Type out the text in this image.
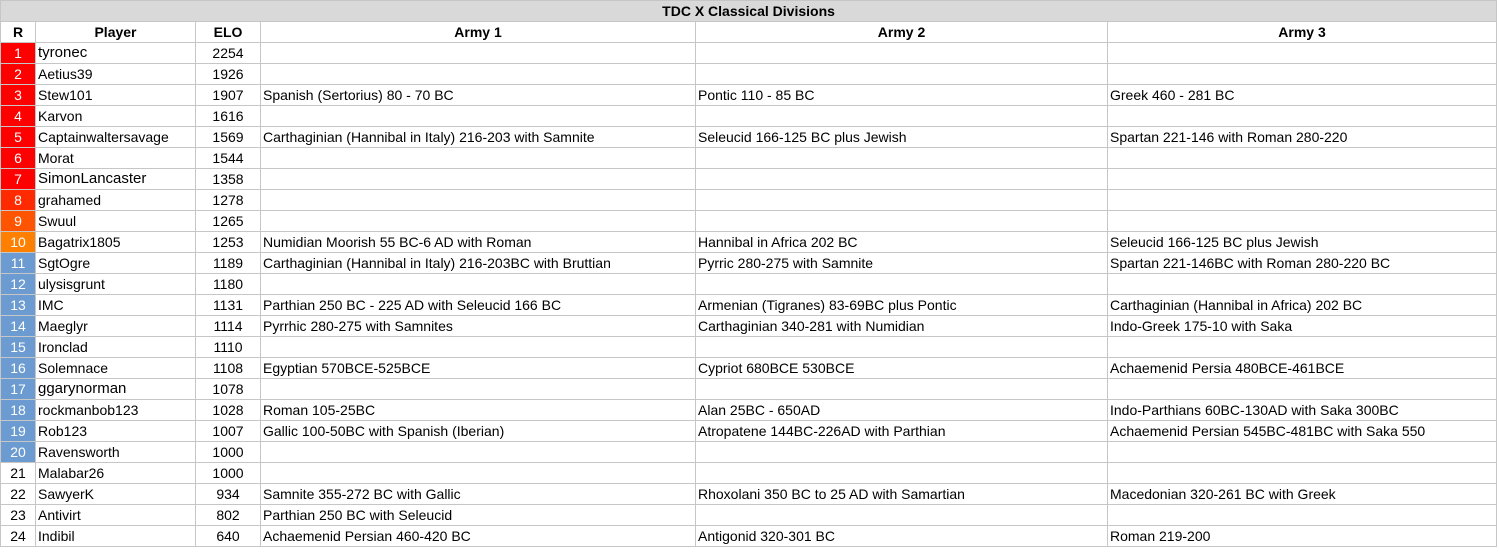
TDC X Classical Divisions					
R	Player	ELO	Army 1	Army 2	Army 3
1	tyronec	2254			
2	Aetius39	1926			
3	Stew101	1907	Spanish (Sertorius) 80 - 70 BC	Pontic 110 - 85 BC	Greek 460 - 281 BC
4	Karvon	1616			
5	Captainwaltersavage	1569	Carthaginian (Hannibal in Italy) 216-203 with Samnite	Seleucid 166-125 BC plus Jewish	Spartan 221-146 with Roman 280-220
6	Morat	1544			
7	SimonLancaster	1358			
8	grahamed	1278			
9	Swuul	1265			
10	Bagatrix1805	1253	Numidian Moorish 55 BC-6 AD with Roman	Hannibal in Africa 202 BC	Seleucid 166-125 BC plus Jewish
11	SgtOgre	1189	Carthaginian (Hannibal in Italy) 216-203BC with Bruttian	Pyrric 280-275 with Samnite	Spartan 221-146BC with Roman 280-220 BC
12	ulysisgrunt	1180			
13	IMC	1131	Parthian 250 BC - 225 AD with Seleucid 166 BC	Armenian (Tigranes) 83-69BC plus Pontic	Carthaginian (Hannibal in Africa) 202 BC
14	Maeglyr	1114	Pyrrhic 280-275 with Samnites	Carthaginian 340-281 with Numidian	Indo-Greek 175-10 with Saka
15	Ironclad	1110			
16	Solemnace	1108	Egyptian 570BCE-525BCE	Cypriot 680BCE 530BCE	Achaemenid Persia 480BCE-461BCE
17	ggarynorman	1078			
18	rockmanbob123	1028	Roman 105-25BC	Alan 25BC - 650AD	Indo-Parthians 60BC-130AD with Saka 300BC
19	Rob123	1007	Gallic 100-50BC with Spanish (Iberian)	Atropatene 144BC-226AD with Parthian	Achaemenid Persian 545BC-481BC with Saka 550
20	Ravensworth	1000			
21	Malabar26	1000			
22	SawyerK	934	Samnite 355-272 BC with Gallic	Rhoxolani 350 BC to 25 AD with Samartian	Macedonian 320-261 BC with Greek
23	Antivirt	802	Parthian 250 BC with Seleucid		
24	Indibil	640	Achaemenid Persian 460-420 BC	Antigonid 320-301 BC	Roman 219-200
